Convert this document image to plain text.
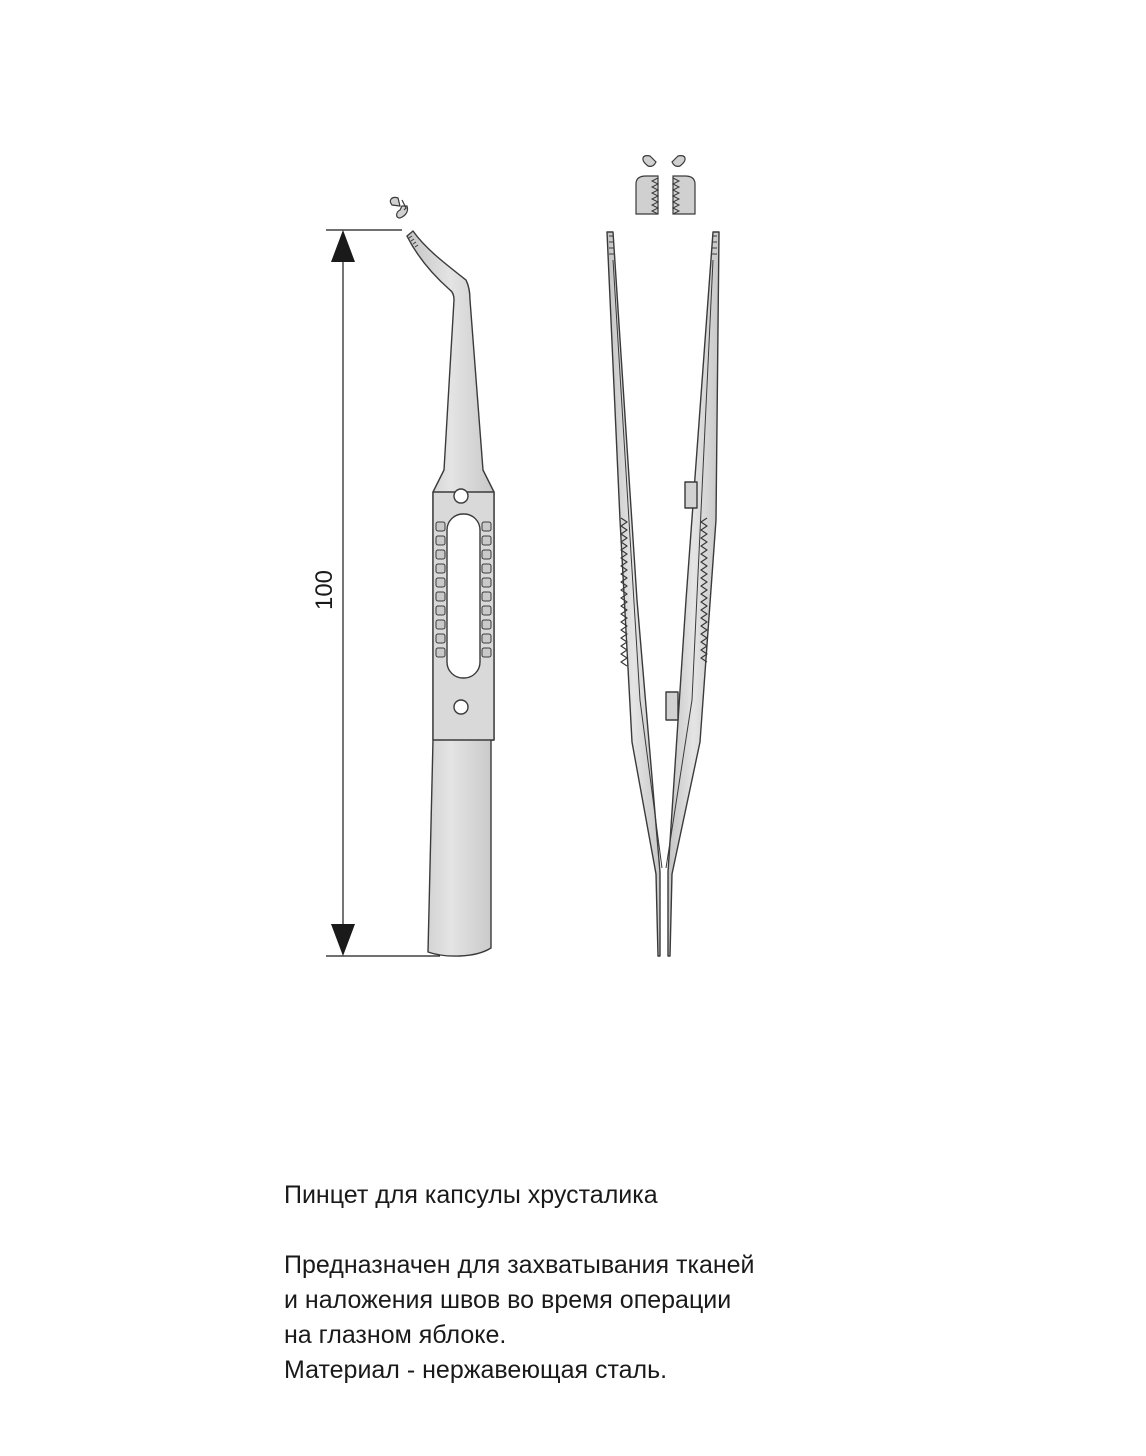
100

Пинцет для капсулы хрусталика

Предназначен для захватывания тканей

и наложения швов во время операции

на глазном яблоке.

Материал - нержавеющая сталь.
